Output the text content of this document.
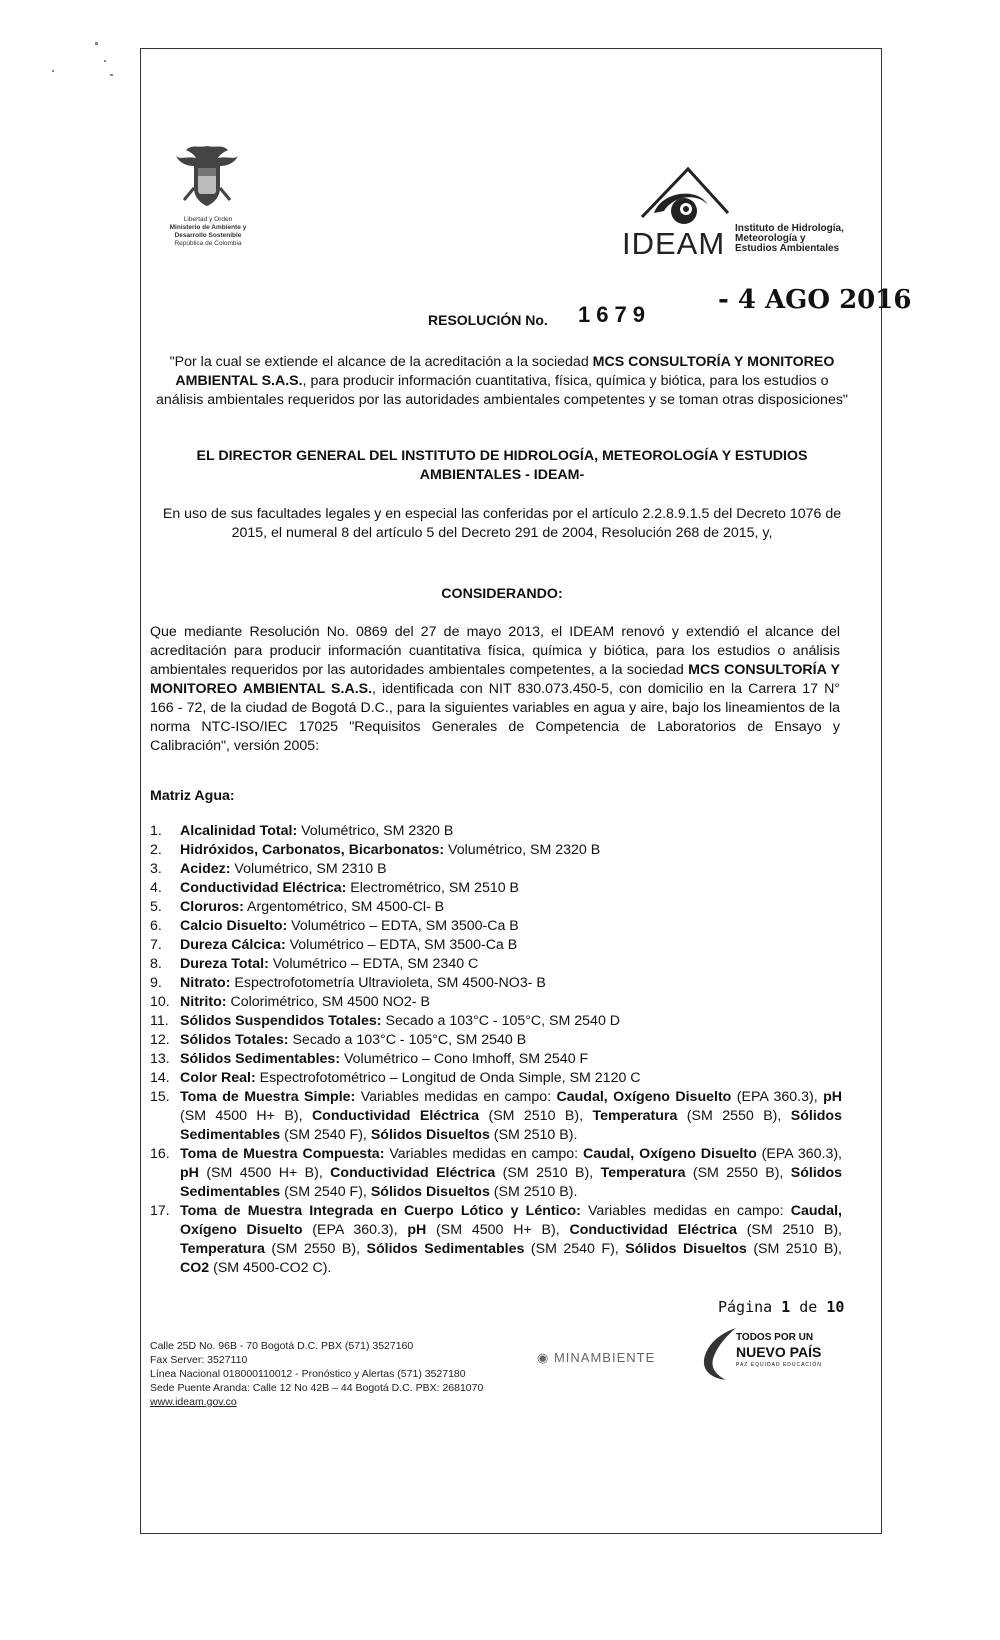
Libertad y Orden
Ministerio de Ambiente y
Desarrollo Sostenible
República de Colombia	IDEAM Instituto de Hidrología,
Meteorología y
Estudios Ambientales
RESOLUCIÓN No. 1679	- 4 AGO 2016
"Por la cual se extiende el alcance de la acreditación a la sociedad MCS CONSULTORÍA Y MONITOREO AMBIENTAL S.A.S., para producir información cuantitativa, física, química y biótica, para los estudios o análisis ambientales requeridos por las autoridades ambientales competentes y se toman otras disposiciones"
EL DIRECTOR GENERAL DEL INSTITUTO DE HIDROLOGÍA, METEOROLOGÍA Y ESTUDIOS AMBIENTALES - IDEAM-
En uso de sus facultades legales y en especial las conferidas por el artículo 2.2.8.9.1.5 del Decreto 1076 de 2015, el numeral 8 del artículo 5 del Decreto 291 de 2004, Resolución 268 de 2015, y,
CONSIDERANDO:
Que mediante Resolución No. 0869 del 27 de mayo 2013, el IDEAM renovó y extendió el alcance del acreditación para producir información cuantitativa física, química y biótica, para los estudios o análisis ambientales requeridos por las autoridades ambientales competentes, a la sociedad MCS CONSULTORÍA Y MONITOREO AMBIENTAL S.A.S., identificada con NIT 830.073.450-5, con domicilio en la Carrera 17 N° 166 - 72, de la ciudad de Bogotá D.C., para la siguientes variables en agua y aire, bajo los lineamientos de la norma NTC-ISO/IEC 17025 "Requisitos Generales de Competencia de Laboratorios de Ensayo y Calibración", versión 2005:
Matriz Agua:
1. Alcalinidad Total: Volumétrico, SM 2320 B
2. Hidróxidos, Carbonatos, Bicarbonatos: Volumétrico, SM 2320 B
3. Acidez: Volumétrico, SM 2310 B
4. Conductividad Eléctrica: Electrométrico, SM 2510 B
5. Cloruros: Argentométrico, SM 4500-Cl- B
6. Calcio Disuelto: Volumétrico – EDTA, SM 3500-Ca B
7. Dureza Cálcica: Volumétrico – EDTA, SM 3500-Ca B
8. Dureza Total: Volumétrico – EDTA, SM 2340 C
9. Nitrato: Espectrofotometría Ultravioleta, SM 4500-NO3- B
10. Nitrito: Colorimétrico, SM 4500 NO2- B
11. Sólidos Suspendidos Totales: Secado a 103°C - 105°C, SM 2540 D
12. Sólidos Totales: Secado a 103°C - 105°C, SM 2540 B
13. Sólidos Sedimentables: Volumétrico – Cono Imhoff, SM 2540 F
14. Color Real: Espectrofotométrico – Longitud de Onda Simple, SM 2120 C
15. Toma de Muestra Simple: Variables medidas en campo: Caudal, Oxígeno Disuelto (EPA 360.3), pH (SM 4500 H+ B), Conductividad Eléctrica (SM 2510 B), Temperatura (SM 2550 B), Sólidos Sedimentables (SM 2540 F), Sólidos Disueltos (SM 2510 B).
16. Toma de Muestra Compuesta: Variables medidas en campo: Caudal, Oxígeno Disuelto (EPA 360.3), pH (SM 4500 H+ B), Conductividad Eléctrica (SM 2510 B), Temperatura (SM 2550 B), Sólidos Sedimentables (SM 2540 F), Sólidos Disueltos (SM 2510 B).
17. Toma de Muestra Integrada en Cuerpo Lótico y Léntico: Variables medidas en campo: Caudal, Oxígeno Disuelto (EPA 360.3), pH (SM 4500 H+ B), Conductividad Eléctrica (SM 2510 B), Temperatura (SM 2550 B), Sólidos Sedimentables (SM 2540 F), Sólidos Disueltos (SM 2510 B), CO2 (SM 4500-CO2 C).
Página 1 de 10
Calle 25D No. 96B - 70 Bogotá D.C. PBX (571) 3527160
Fax Server: 3527110
Línea Nacional 018000110012 - Pronóstico y Alertas (571) 3527180
Sede Puente Aranda: Calle 12 No 42B – 44 Bogotá D.C. PBX: 2681070
www.ideam.gov.co
◉ MINAMBIENTE
TODOS POR UN
NUEVO PAÍS
PAZ EQUIDAD EDUCACIÓN
